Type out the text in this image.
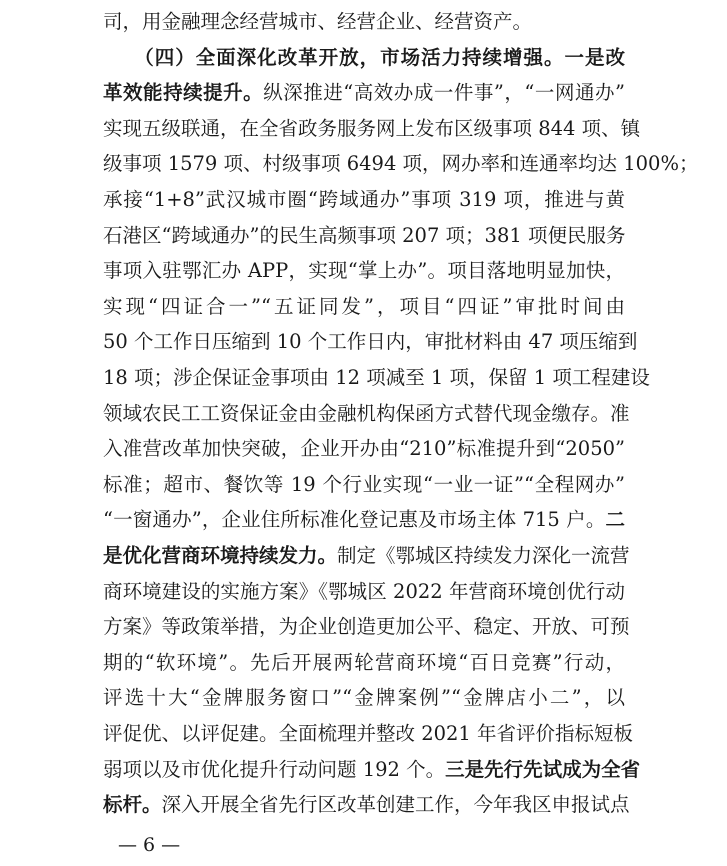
司，用金融理念经营城市、经营企业、经营资产。
　　（四）全面深化改革开放，市场活力持续增强。一是改
革效能持续提升。纵深推进“高效办成一件事”，“一网通办”
实现五级联通，在全省政务服务网上发布区级事项 844 项、镇
级事项 1579 项、村级事项 6494 项，网办率和连通率均达 100%；
承接“1+8”武汉城市圈“跨域通办”事项 319 项，推进与黄
石港区“跨域通办”的民生高频事项 207 项；381 项便民服务
事项入驻鄂汇办 APP，实现“掌上办”。项目落地明显加快，
实现“四证合一”“五证同发”，项目“四证”审批时间由
50 个工作日压缩到 10 个工作日内，审批材料由 47 项压缩到
18 项；涉企保证金事项由 12 项减至 1 项，保留 1 项工程建设
领域农民工工资保证金由金融机构保函方式替代现金缴存。准
入准营改革加快突破，企业开办由“210”标准提升到“2050”
标准；超市、餐饮等 19 个行业实现“一业一证”“全程网办”
“一窗通办”，企业住所标准化登记惠及市场主体 715 户。二
是优化营商环境持续发力。制定《鄂城区持续发力深化一流营
商环境建设的实施方案》《鄂城区 2022 年营商环境创优行动
方案》等政策举措，为企业创造更加公平、稳定、开放、可预
期的“软环境”。先后开展两轮营商环境“百日竞赛”行动，
评选十大“金牌服务窗口”“金牌案例”“金牌店小二”，以
评促优、以评促建。全面梳理并整改 2021 年省评价指标短板
弱项以及市优化提升行动问题 192 个。三是先行先试成为全省
标杆。深入开展全省先行区改革创建工作，今年我区申报试点
— 6 —
